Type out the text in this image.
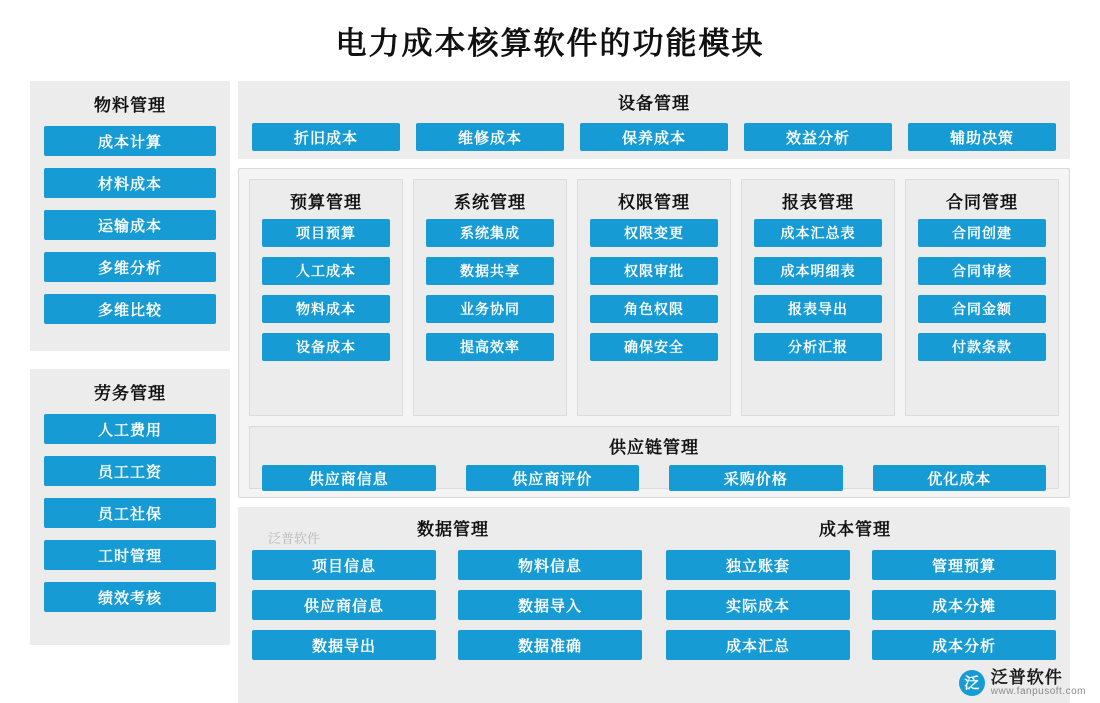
电力成本核算软件的功能模块
物料管理
成本计算
材料成本
运输成本
多维分析
多维比较
劳务管理
人工费用
员工工资
员工社保
工时管理
绩效考核
设备管理
折旧成本	维修成本	保养成本	效益分析	辅助决策
预算管理
项目预算
人工成本
物料成本
设备成本
系统管理
系统集成
数据共享
业务协同
提高效率
权限管理
权限变更
权限审批
角色权限
确保安全
报表管理
成本汇总表
成本明细表
报表导出
分析汇报
合同管理
合同创建
合同审核
合同金额
付款条款
供应链管理
供应商信息	供应商评价	采购价格	优化成本
数据管理	成本管理
项目信息	物料信息
供应商信息	数据导入
数据导出	数据准确
独立账套	管理预算
实际成本	成本分摊
成本汇总	成本分析
泛普软件
泛 泛普软件
www.fanpusoft.com
